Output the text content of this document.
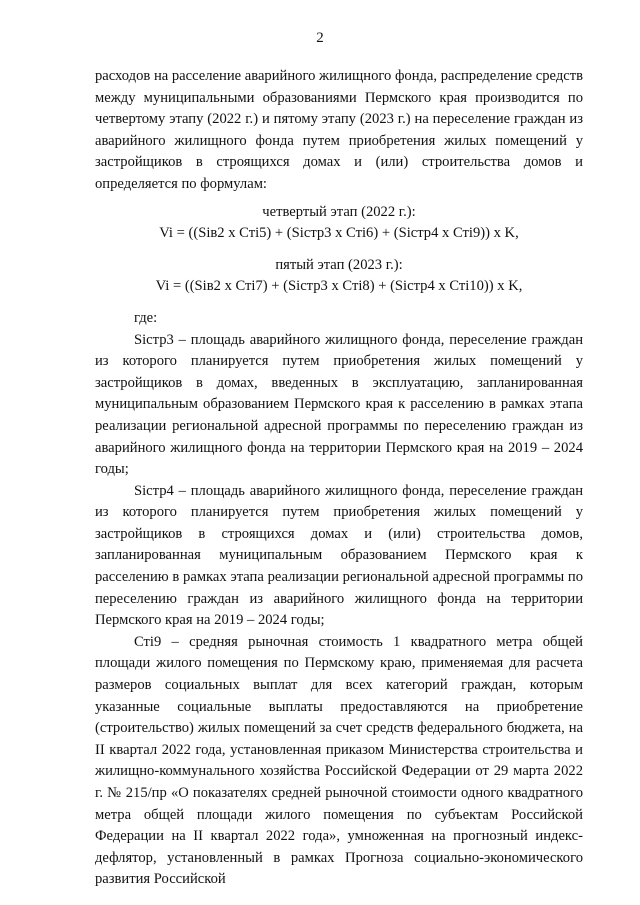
2

расходов на расселение аварийного жилищного фонда, распределение средств между муниципальными образованиями Пермского края производится по четвертому этапу (2022 г.) и пятому этапу (2023 г.) на переселение граждан из аварийного жилищного фонда путем приобретения жилых помещений у застройщиков в строящихся домах и (или) строительства домов и определяется по формулам:

четвертый этап (2022 г.):
Vi = ((Siв2 х Стi5) + (Siстр3 х Стi6) + (Siстр4 х Стi9)) х K,
пятый этап (2023 г.):
Vi = ((Siв2 х Стi7) + (Siстр3 х Стi8) + (Siстр4 х Стi10)) х K,

где:

Siстр3 – площадь аварийного жилищного фонда, переселение граждан из которого планируется путем приобретения жилых помещений у застройщиков в домах, введенных в эксплуатацию, запланированная муниципальным образованием Пермского края к расселению в рамках этапа реализации региональной адресной программы по переселению граждан из аварийного жилищного фонда на территории Пермского края на 2019 – 2024 годы;

Siстр4 – площадь аварийного жилищного фонда, переселение граждан из которого планируется путем приобретения жилых помещений у застройщиков в строящихся домах и (или) строительства домов, запланированная муниципальным образованием Пермского края к расселению в рамках этапа реализации региональной адресной программы по переселению граждан из аварийного жилищного фонда на территории Пермского края на 2019 – 2024 годы;

Стi9 – средняя рыночная стоимость 1 квадратного метра общей площади жилого помещения по Пермскому краю, применяемая для расчета размеров социальных выплат для всех категорий граждан, которым указанные социальные выплаты предоставляются на приобретение (строительство) жилых помещений за счет средств федерального бюджета, на II квартал 2022 года, установленная приказом Министерства строительства и жилищно-коммунального хозяйства Российской Федерации от 29 марта 2022 г. № 215/пр «О показателях средней рыночной стоимости одного квадратного метра общей площади жилого помещения по субъектам Российской Федерации на II квартал 2022 года», умноженная на прогнозный индекс-дефлятор, установленный в рамках Прогноза социально-экономического развития Российской
